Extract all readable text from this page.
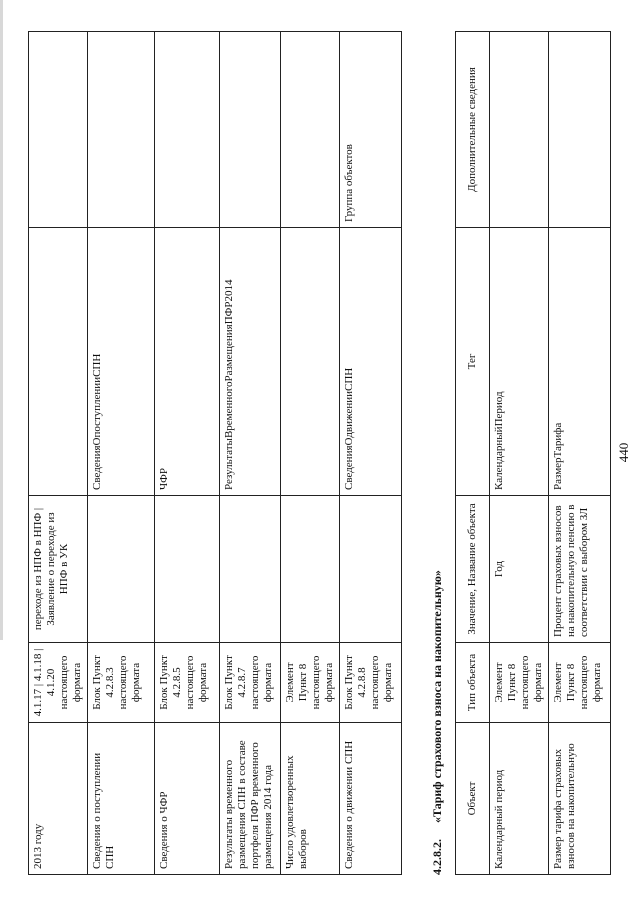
2013 году	4.1.17 | 4.1.18 | 4.1.20 настоящего формата	переходе из НПФ в НПФ | Заявление о переходе из НПФ в УК		
Сведения о поступлении СПН	Блок Пункт 4.2.8.3 настоящего формата		СведенияОпоступленииСПН	
Сведения о ЧФР	Блок Пункт 4.2.8.5 настоящего формата		ЧФР	
Результаты временного размещения СПН в составе портфеля ПФР временного размещения 2014 года	Блок Пункт 4.2.8.7 настоящего формата		РезультатыВременногоРазмещенияПФР2014	
Число удовлетворенных выборов	Элемент Пункт 8 настоящего формата			
Сведения о движении СПН	Блок Пункт 4.2.8.8 настоящего формата		СведенияОдвиженииСПН	Группа объектов
4.2.8.2.«Тариф страхового взноса на накопительную» Объект	Тип объекта	Значение, Название объекта	Тег	Дополнительные сведения
Календарный период	Элемент Пункт 8 настоящего формата	Год	КалендарныйПериод	
Размер тарифа страховых взносов на накопительную	Элемент Пункт 8 настоящего формата	Процент страховых взносов на накопительную пенсию в соответствии с выбором ЗЛ	РазмерТарифа		440
